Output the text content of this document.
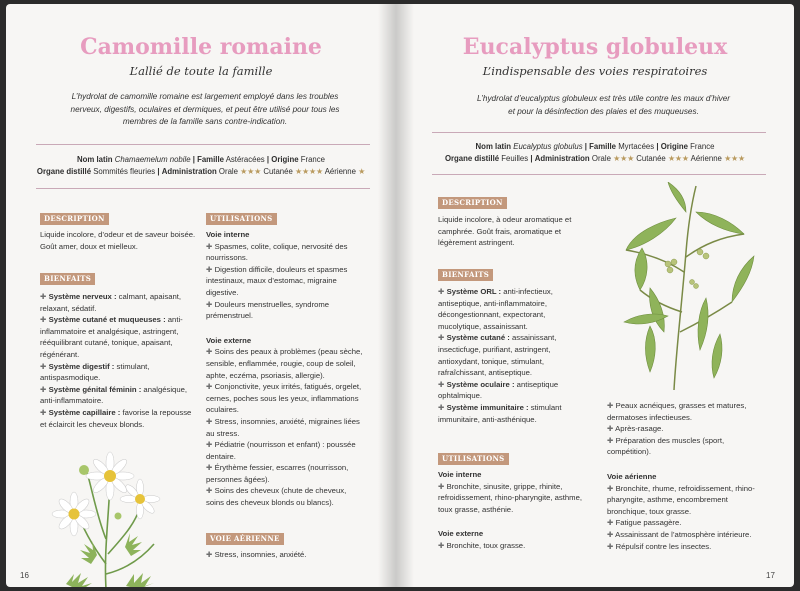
Camomille romaine
L’allié de toute la famille
L’hydrolat de camomille romaine est largement employé dans les troubles nerveux, digestifs, oculaires et dermiques, et peut être utilisé pour tous les membres de la famille sans contre-indication.
Nom latin Chamaemelum nobile | Famille Astéracées | Origine France
Organe distillé Sommités fleuries | Administration Orale ★★★ Cutanée ★★★★ Aérienne ★
DESCRIPTION
Liquide incolore, d’odeur et de saveur boisée. Goût amer, doux et mielleux.
BIENFAITS

✚ Système nerveux : calmant, apaisant, relaxant, sédatif.

✚ Système cutané et muqueuses : anti-inflammatoire et analgésique, astringent, rééquilibrant cutané, tonique, apaisant, régénérant.

✚ Système digestif : stimulant, antispasmodique.

✚ Système génital féminin : analgésique, anti-inflammatoire.

✚ Système capillaire : favorise la repousse et éclaircit les cheveux blonds.

UTILISATIONS

Voie interne

✚ Spasmes, colite, colique, nervosité des nourrissons.

✚ Digestion difficile, douleurs et spasmes intestinaux, maux d’estomac, migraine digestive.

✚ Douleurs menstruelles, syndrome prémenstruel.

Voie externe

✚ Soins des peaux à problèmes (peau sèche, sensible, enflammée, rougie, coup de soleil, aphte, eczéma, psoriasis, allergie).

✚ Conjonctivite, yeux irrités, fatigués, orgelet, cernes, poches sous les yeux, inflammations oculaires.

✚ Stress, insomnies, anxiété, migraines liées au stress.

✚ Pédiatrie (nourrisson et enfant) : poussée dentaire.

✚ Érythème fessier, escarres (nourrisson, personnes âgées).

✚ Soins des cheveux (chute de cheveux, soins des cheveux blonds ou blancs).

VOIE AÉRIENNE

✚ Stress, insomnies, anxiété.

16
Eucalyptus globuleux
L’indispensable des voies respiratoires
L’hydrolat d’eucalyptus globuleux est très utile contre les maux d’hiver et pour la désinfection des plaies et des muqueuses.
Nom latin Eucalyptus globulus | Famille Myrtacées | Origine France
Organe distillé Feuilles | Administration Orale ★★★ Cutanée ★★★ Aérienne ★★★
DESCRIPTION
Liquide incolore, à odeur aromatique et camphrée. Goût frais, aromatique et légèrement astringent.
BIENFAITS

✚ Système ORL : anti-infectieux, antiseptique, anti-inflammatoire, décongestionnant, expectorant, mucolytique, assainissant.

✚ Système cutané : assainissant, insecticfuge, purifiant, astringent, antioxydant, tonique, stimulant, rafraîchissant, antiseptique.

✚ Système oculaire : antiseptique ophtalmique.

✚ Système immunitaire : stimulant immunitaire, anti-asthénique.

UTILISATIONS

Voie interne

✚ Bronchite, sinusite, grippe, rhinite, refroidissement, rhino-pharyngite, asthme, toux grasse, asthénie.

Voie externe

✚ Bronchite, toux grasse.

✚ Peaux acnéiques, grasses et matures, dermatoses infectieuses.

✚ Après-rasage.

✚ Préparation des muscles (sport, compétition).

Voie aérienne

✚ Bronchite, rhume, refroidissement, rhino-pharyngite, asthme, encombrement bronchique, toux grasse.

✚ Fatigue passagère.

✚ Assainissant de l’atmosphère intérieure.

✚ Répulsif contre les insectes.

17
